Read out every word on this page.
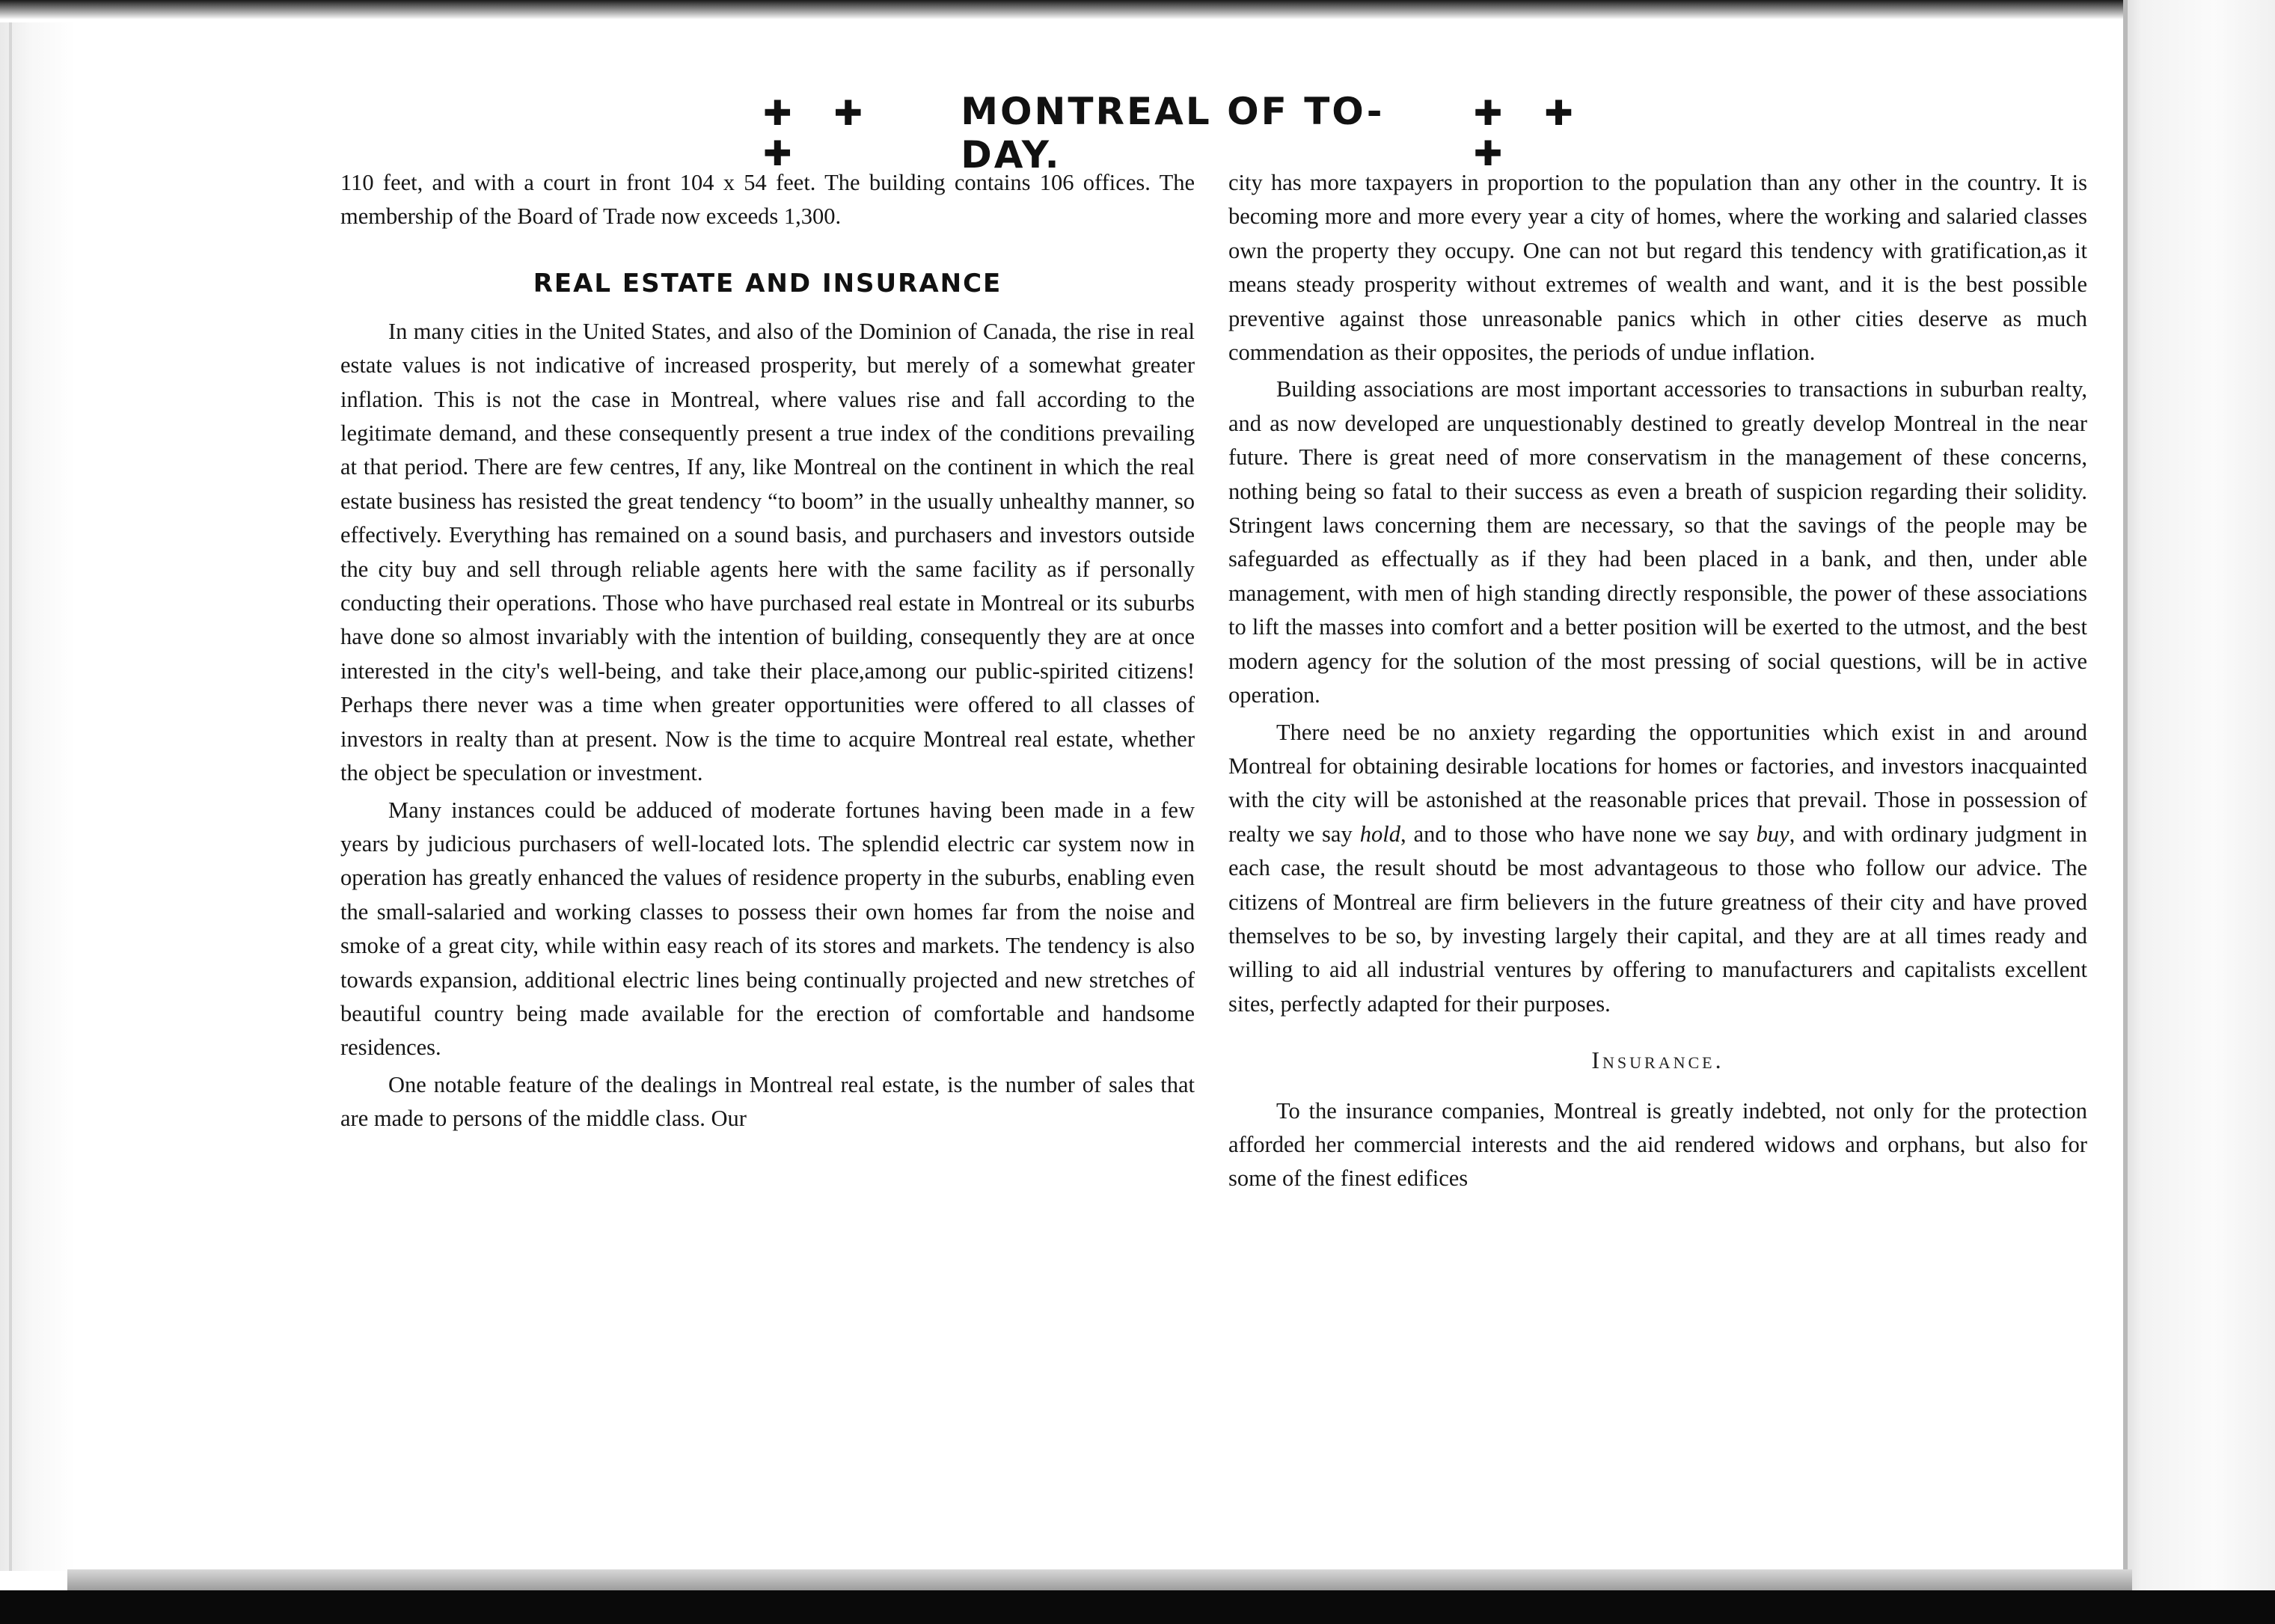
✚ ✚ ✚
MONTREAL OF TO-DAY.
✚ ✚ ✚

110 feet, and with a court in front 104 x 54 feet. The building contains 106 offices. The membership of the Board of Trade now exceeds 1,300.

REAL ESTATE AND INSURANCE

In many cities in the United States, and also of the Dominion of Canada, the rise in real estate values is not indicative of increased prosperity, but merely of a somewhat greater inflation. This is not the case in Montreal, where values rise and fall according to the legitimate demand, and these consequently present a true index of the conditions prevailing at that period. There are few centres, If any, like Montreal on the continent in which the real estate business has resisted the great tendency “to boom” in the usually unhealthy manner, so effectively. Everything has remained on a sound basis, and purchasers and investors outside the city buy and sell through reliable agents here with the same facility as if personally conducting their operations. Those who have purchased real estate in Montreal or its suburbs have done so almost invariably with the intention of building, consequently they are at once interested in the city's well-being, and take their place,among our public-spirited citizens! Perhaps there never was a time when greater opportunities were offered to all classes of investors in realty than at present. Now is the time to acquire Montreal real estate, whether the object be speculation or investment.

Many instances could be adduced of moderate fortunes having been made in a few years by judicious purchasers of well-located lots. The splendid electric car system now in operation has greatly enhanced the values of residence property in the suburbs, enabling even the small-salaried and working classes to possess their own homes far from the noise and smoke of a great city, while within easy reach of its stores and markets. The tendency is also towards expansion, additional electric lines being continually projected and new stretches of beautiful country being made available for the erection of comfortable and handsome residences.

One notable feature of the dealings in Montreal real estate, is the number of sales that are made to persons of the middle class. Our

city has more taxpayers in proportion to the population than any other in the country. It is becoming more and more every year a city of homes, where the working and salaried classes own the property they occupy. One can not but regard this tendency with gratification,as it means steady prosperity without extremes of wealth and want, and it is the best possible preventive against those unreasonable panics which in other cities deserve as much commendation as their opposites, the periods of undue inflation.

Building associations are most important accessories to transactions in suburban realty, and as now developed are unquestionably destined to greatly develop Montreal in the near future. There is great need of more conservatism in the management of these concerns, nothing being so fatal to their success as even a breath of suspicion regarding their solidity. Stringent laws concerning them are necessary, so that the savings of the people may be safeguarded as effectually as if they had been placed in a bank, and then, under able management, with men of high standing directly responsible, the power of these associations to lift the masses into comfort and a better position will be exerted to the utmost, and the best modern agency for the solution of the most pressing of social questions, will be in active operation.

There need be no anxiety regarding the opportunities which exist in and around Montreal for obtaining desirable locations for homes or factories, and investors inacquainted with the city will be astonished at the reasonable prices that prevail. Those in possession of realty we say hold, and to those who have none we say buy, and with ordinary judgment in each case, the result shoutd be most advantageous to those who follow our advice. The citizens of Montreal are firm believers in the future greatness of their city and have proved themselves to be so, by investing largely their capital, and they are at all times ready and willing to aid all industrial ventures by offering to manufacturers and capitalists excellent sites, perfectly adapted for their purposes.

Insurance.

To the insurance companies, Montreal is greatly indebted, not only for the protection afforded her commercial interests and the aid rendered widows and orphans, but also for some of the finest edifices
